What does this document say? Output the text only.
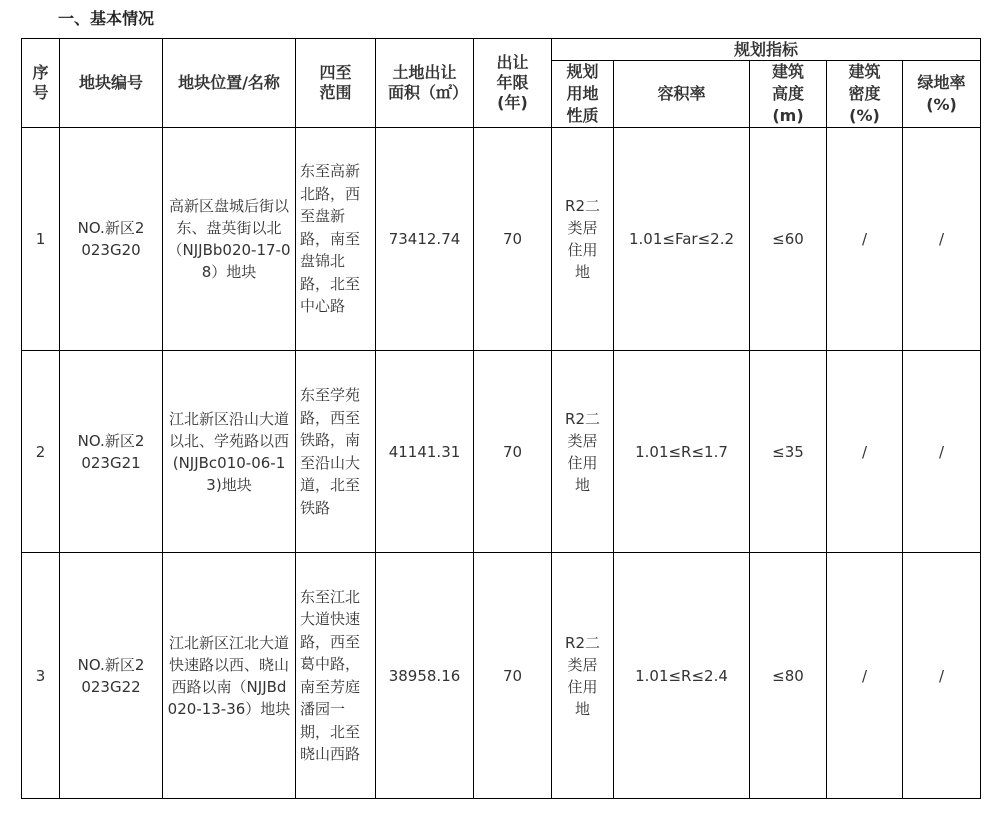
一、基本情况
序号	地块编号	地块位置/名称	四至范围	土地出让面积（㎡）	出让年限(年)	规划指标				
						规划用地性质	容积率	建筑高度(m)	建筑密度(%)	绿地率(%)
1	NO.新区2023G20	高新区盘城后街以东、盘英街以北（NJJBb020-17-08）地块	东至高新北路，西至盘新路，南至盘锦北路，北至中心路	73412.74	70	R2二类居住用地	1.01≤Far≤2.2	≤60	/	/
2	NO.新区2023G21	江北新区沿山大道以北、学苑路以西(NJJBc010-06-13)地块	东至学苑路，西至铁路，南至沿山大道，北至铁路	41141.31	70	R2二类居住用地	1.01≤R≤1.7	≤35	/	/
3	NO.新区2023G22	江北新区江北大道快速路以西、晓山西路以南（NJJBd020-13-36）地块	东至江北大道快速路，西至葛中路，南至芳庭潘园一期，北至晓山西路	38958.16	70	R2二类居住用地	1.01≤R≤2.4	≤80	/	/
